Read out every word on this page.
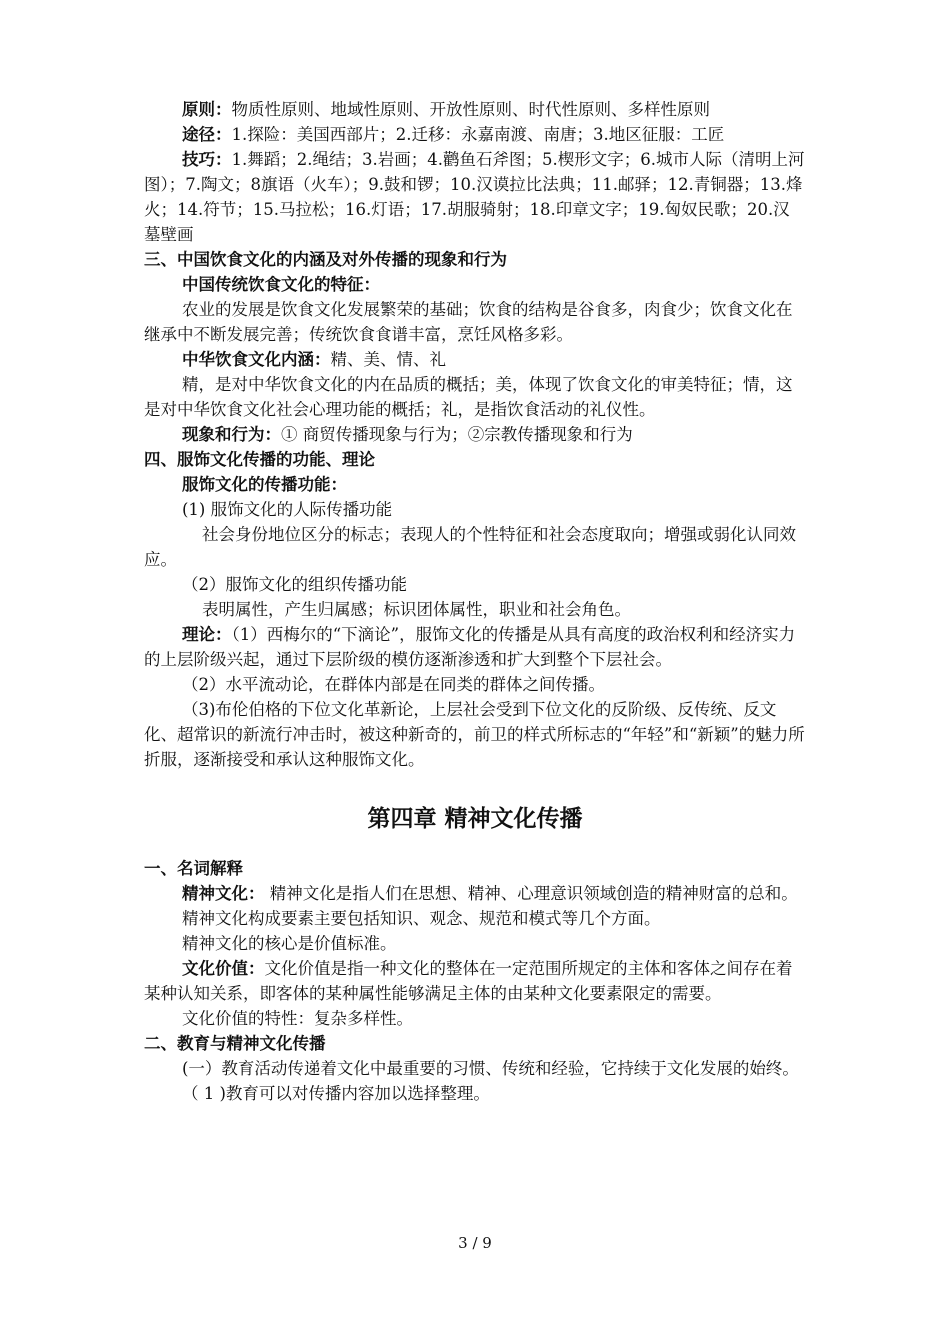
原则：物质性原则、地域性原则、开放性原则、时代性原则、多样性原则

途径：1.探险：美国西部片；2.迁移：永嘉南渡、南唐；3.地区征服：工匠

技巧：1.舞蹈；2.绳结；3.岩画；4.鹳鱼石斧图；5.楔形文字；6.城市人际（清明上河图）；7.陶文；8旗语（火车）；9.鼓和锣；10.汉谟拉比法典；11.邮驿；12.青铜器；13.烽火；14.符节；15.马拉松；16.灯语；17.胡服骑射；18.印章文字；19.匈奴民歌；20.汉墓壁画

三、中国饮食文化的内涵及对外传播的现象和行为

中国传统饮食文化的特征：

农业的发展是饮食文化发展繁荣的基础；饮食的结构是谷食多，肉食少；饮食文化在继承中不断发展完善；传统饮食食谱丰富，烹饪风格多彩。

中华饮食文化内涵：精、美、情、礼

精，是对中华饮食文化的内在品质的概括；美，体现了饮食文化的审美特征；情，这是对中华饮食文化社会心理功能的概括；礼，是指饮食活动的礼仪性。

现象和行为：① 商贸传播现象与行为；②宗教传播现象和行为

四、服饰文化传播的功能、理论

服饰文化的传播功能：

(1) 服饰文化的人际传播功能

社会身份地位区分的标志；表现人的个性特征和社会态度取向；增强或弱化认同效应。

（2）服饰文化的组织传播功能

表明属性，产生归属感；标识团体属性，职业和社会角色。

理论：（1）西梅尔的“下滴论”，服饰文化的传播是从具有高度的政治权利和经济实力的上层阶级兴起，通过下层阶级的模仿逐渐渗透和扩大到整个下层社会。

（2）水平流动论，在群体内部是在同类的群体之间传播。

（3)布伦伯格的下位文化革新论，上层社会受到下位文化的反阶级、反传统、反文化、超常识的新流行冲击时，被这种新奇的，前卫的样式所标志的“年轻”和“新颖”的魅力所折服，逐渐接受和承认这种服饰文化。

第四章 精神文化传播

一、名词解释

精神文化： 精神文化是指人们在思想、精神、心理意识领域创造的精神财富的总和。

精神文化构成要素主要包括知识、观念、规范和模式等几个方面。

精神文化的核心是价值标准。

文化价值：文化价值是指一种文化的整体在一定范围所规定的主体和客体之间存在着某种认知关系，即客体的某种属性能够满足主体的由某种文化要素限定的需要。

文化价值的特性：复杂多样性。

二、教育与精神文化传播

(一）教育活动传递着文化中最重要的习惯、传统和经验，它持续于文化发展的始终。

（ 1 )教育可以对传播内容加以选择整理。

3 / 9
